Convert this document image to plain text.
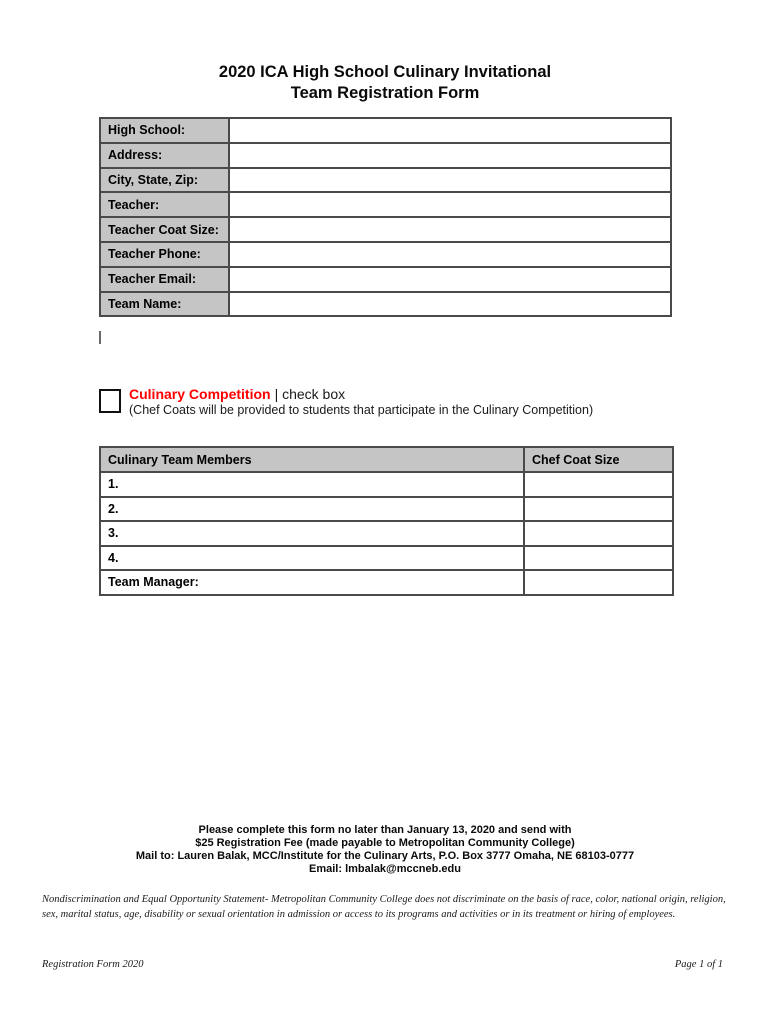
2020 ICA High School Culinary Invitational
Team Registration Form
High School:	
Address:	
City, State, Zip:	
Teacher:	
Teacher Coat Size:	
Teacher Phone:	
Teacher Email:	
Team Name:	
Culinary Competition | check box
(Chef Coats will be provided to students that participate in the Culinary Competition)
Culinary Team Members	Chef Coat Size
1.	
2.	
3.	
4.	
Team Manager:	
Please complete this form no later than January 13, 2020 and send with
$25 Registration Fee (made payable to Metropolitan Community College)
Mail to: Lauren Balak, MCC/Institute for the Culinary Arts, P.O. Box 3777 Omaha, NE 68103-0777
Email: lmbalak@mccneb.edu
Nondiscrimination and Equal Opportunity Statement- Metropolitan Community College does not discriminate on the basis of race, color, national origin, religion, sex, marital status, age, disability or sexual orientation in admission or access to its programs and activities or in its treatment or hiring of employees.
Registration Form 2020	Page 1 of 1
